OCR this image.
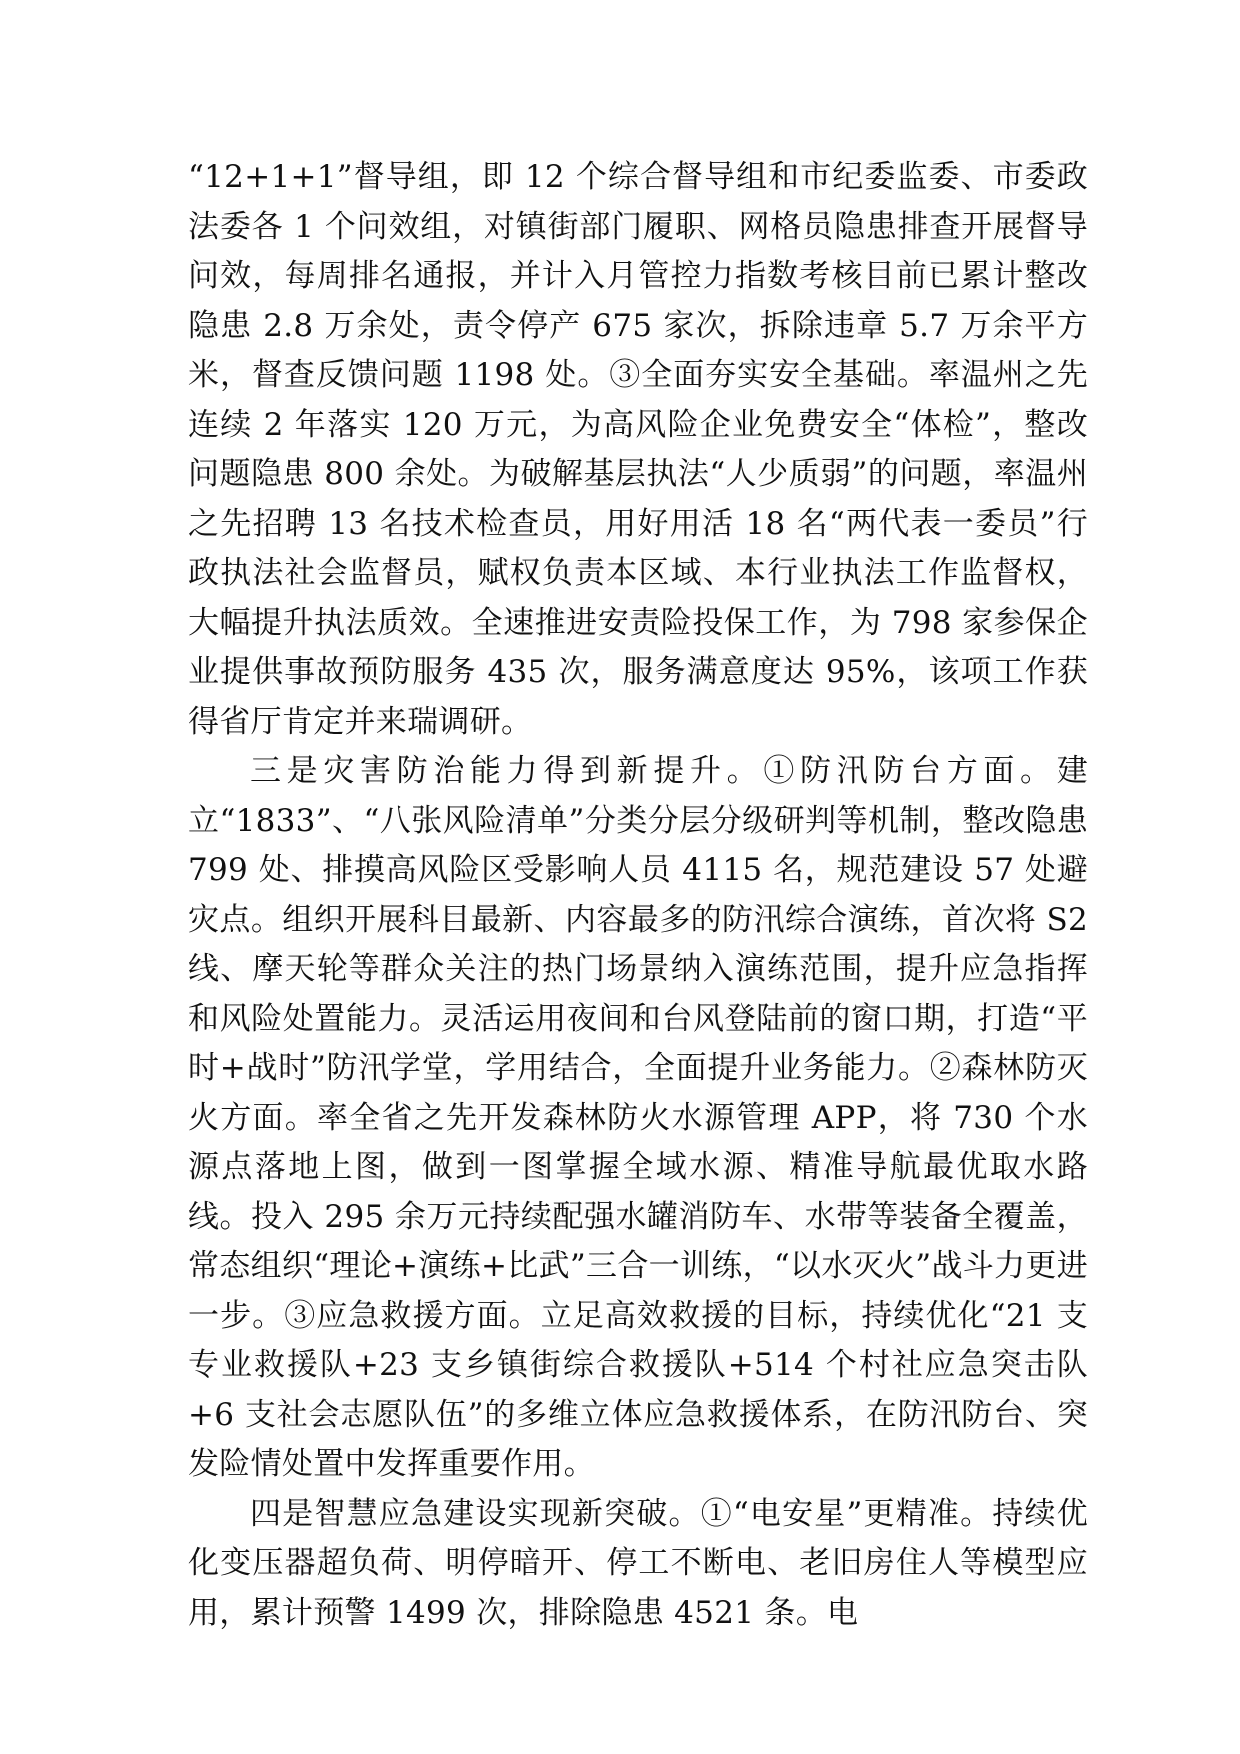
“12+1+1”督导组，即 12 个综合督导组和市纪委监委、市委政法委各 1 个问效组，对镇街部门履职、网格员隐患排查开展督导问效，每周排名通报，并计入月管控力指数考核目前已累计整改隐患 2.8 万余处，责令停产 675 家次，拆除违章 5.7 万余平方米，督查反馈问题 1198 处。③全面夯实安全基础。率温州之先连续 2 年落实 120 万元，为高风险企业免费安全“体检”，整改问题隐患 800 余处。为破解基层执法“人少质弱”的问题，率温州之先招聘 13 名技术检查员，用好用活 18 名“两代表一委员”行政执法社会监督员，赋权负责本区域、本行业执法工作监督权，大幅提升执法质效。全速推进安责险投保工作，为 798 家参保企业提供事故预防服务 435 次，服务满意度达 95%，该项工作获得省厅肯定并来瑞调研。

三是灾害防治能力得到新提升。①防汛防台方面。建立“1833”、“八张风险清单”分类分层分级研判等机制，整改隐患 799 处、排摸高风险区受影响人员 4115 名，规范建设 57 处避灾点。组织开展科目最新、内容最多的防汛综合演练，首次将 S2 线、摩天轮等群众关注的热门场景纳入演练范围，提升应急指挥和风险处置能力。灵活运用夜间和台风登陆前的窗口期，打造“平时+战时”防汛学堂，学用结合，全面提升业务能力。②森林防灭火方面。率全省之先开发森林防火水源管理 APP，将 730 个水源点落地上图，做到一图掌握全域水源、精准导航最优取水路线。投入 295 余万元持续配强水罐消防车、水带等装备全覆盖，常态组织“理论+演练+比武”三合一训练，“以水灭火”战斗力更进一步。③应急救援方面。立足高效救援的目标，持续优化“21 支专业救援队+23 支乡镇街综合救援队+514 个村社应急突击队+6 支社会志愿队伍”的多维立体应急救援体系，在防汛防台、突发险情处置中发挥重要作用。

四是智慧应急建设实现新突破。①“电安星”更精准。持续优化变压器超负荷、明停暗开、停工不断电、老旧房住人等模型应用，累计预警 1499 次，排除隐患 4521 条。电
